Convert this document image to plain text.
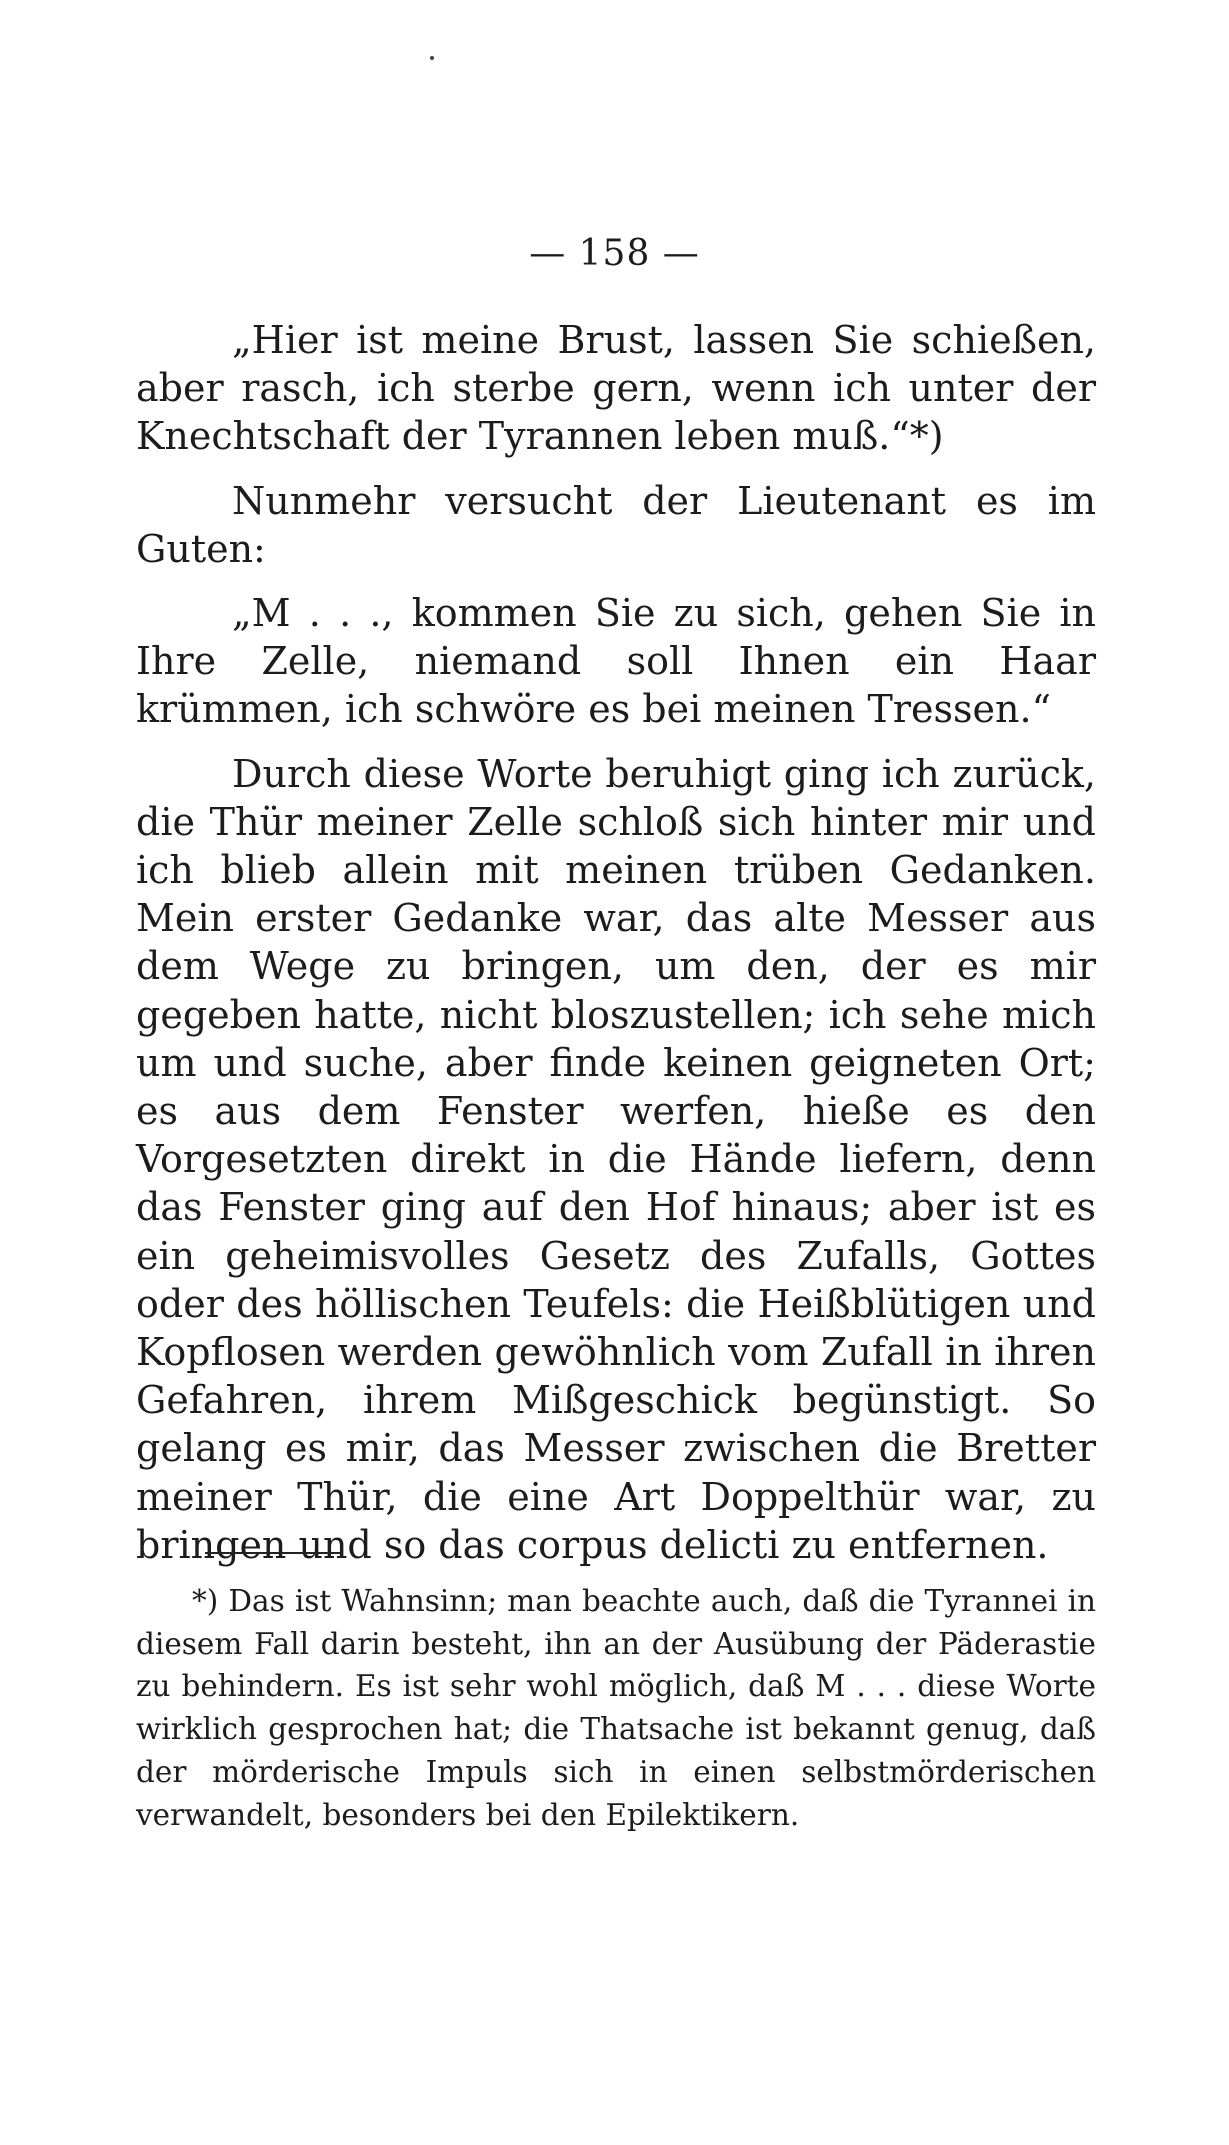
— 158 —

„Hier ist meine Brust, lassen Sie schießen, aber rasch, ich sterbe gern, wenn ich unter der Knechtschaft der Tyrannen leben muß.“*)

Nunmehr versucht der Lieutenant es im Guten:

„M . . ., kommen Sie zu sich, gehen Sie in Ihre Zelle, niemand soll Ihnen ein Haar krümmen, ich schwöre es bei meinen Tressen.“

Durch diese Worte beruhigt ging ich zurück, die Thür meiner Zelle schloß sich hinter mir und ich blieb allein mit meinen trüben Gedanken. Mein erster Gedanke war, das alte Messer aus dem Wege zu bringen, um den, der es mir gegeben hatte, nicht bloszustellen; ich sehe mich um und suche, aber finde keinen geigneten Ort; es aus dem Fenster werfen, hieße es den Vorgesetzten direkt in die Hände liefern, denn das Fenster ging auf den Hof hinaus; aber ist es ein geheimisvolles Gesetz des Zufalls, Gottes oder des höllischen Teufels: die Heißblütigen und Kopflosen werden gewöhnlich vom Zufall in ihren Gefahren, ihrem Mißgeschick begünstigt. So gelang es mir, das Messer zwischen die Bretter meiner Thür, die eine Art Doppelthür war, zu bringen und so das corpus delicti zu entfernen.

*) Das ist Wahnsinn; man beachte auch, daß die Tyrannei in diesem Fall darin besteht, ihn an der Ausübung der Päderastie zu behindern. Es ist sehr wohl möglich, daß M . . . diese Worte wirklich gesprochen hat; die Thatsache ist bekannt genug, daß der mörderische Impuls sich in einen selbstmörderischen verwandelt, besonders bei den Epilektikern.
